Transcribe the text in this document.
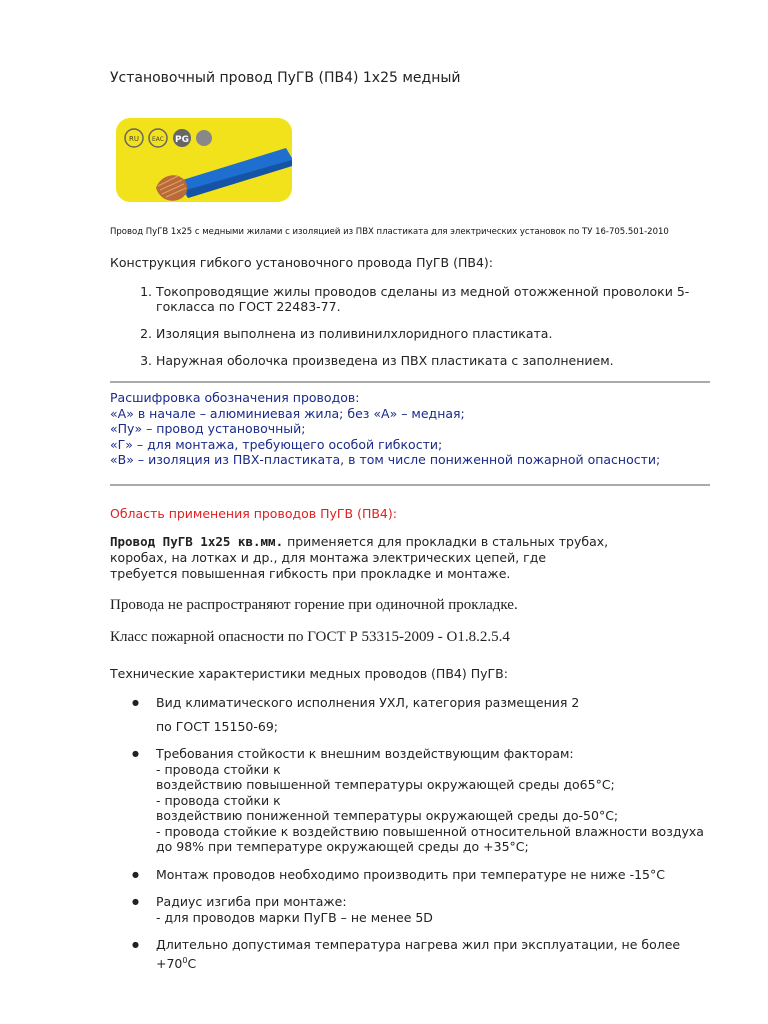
Установочный провод ПуГВ (ПВ4) 1х25 медный
RU EAC PG
Провод ПуГВ 1х25 с медными жилами с изоляцией из ПВХ пластиката для электрических установок по ТУ 16-705.501-2010
Конструкция гибкого установочного провода ПуГВ (ПВ4):
1. Токопроводящие жилы проводов сделаны из медной отожженной проволоки 5-гокласса по ГОСТ 22483-77.
2. Изоляция выполнена из поливинилхлоридного пластиката.
3. Наружная оболочка произведена из ПВХ пластиката с заполнением.
Расшифровка обозначения проводов:
«А» в начале – алюминиевая жила; без «А» – медная;
«Пу» – провод установочный;
«Г» – для монтажа, требующего особой гибкости;
«В» – изоляция из ПВХ-пластиката, в том числе пониженной пожарной опасности;
Область применения проводов ПуГВ (ПВ4):
Провод ПуГВ 1х25 кв.мм. применяется для прокладки в стальных трубах,
коробах, на лотках и др., для монтажа электрических цепей, где
требуется повышенная гибкость при прокладке и монтаже.
Провода не распространяют горение при одиночной прокладке.
Класс пожарной опасности по ГОСТ Р 53315-2009 - О1.8.2.5.4
Технические характеристики медных проводов (ПВ4) ПуГВ:
● Вид климатического исполнения УХЛ, категория размещения 2
по ГОСТ 15150-69;
● Требования стойкости к внешним воздействующим факторам:
- провода стойки к
воздействию повышенной температуры окружающей среды до65°С;
- провода стойки к
воздействию пониженной температуры окружающей среды до-50°С;
- провода стойкие к воздействию повышенной относительной влажности воздуха
до 98% при температуре окружающей среды до +35°С;
● Монтаж проводов необходимо производить при температуре не ниже -15°С
● Радиус изгиба при монтаже:
- для проводов марки ПуГВ – не менее 5D
● Длительно допустимая температура нагрева жил при эксплуатации, не более
$+70^0С$
